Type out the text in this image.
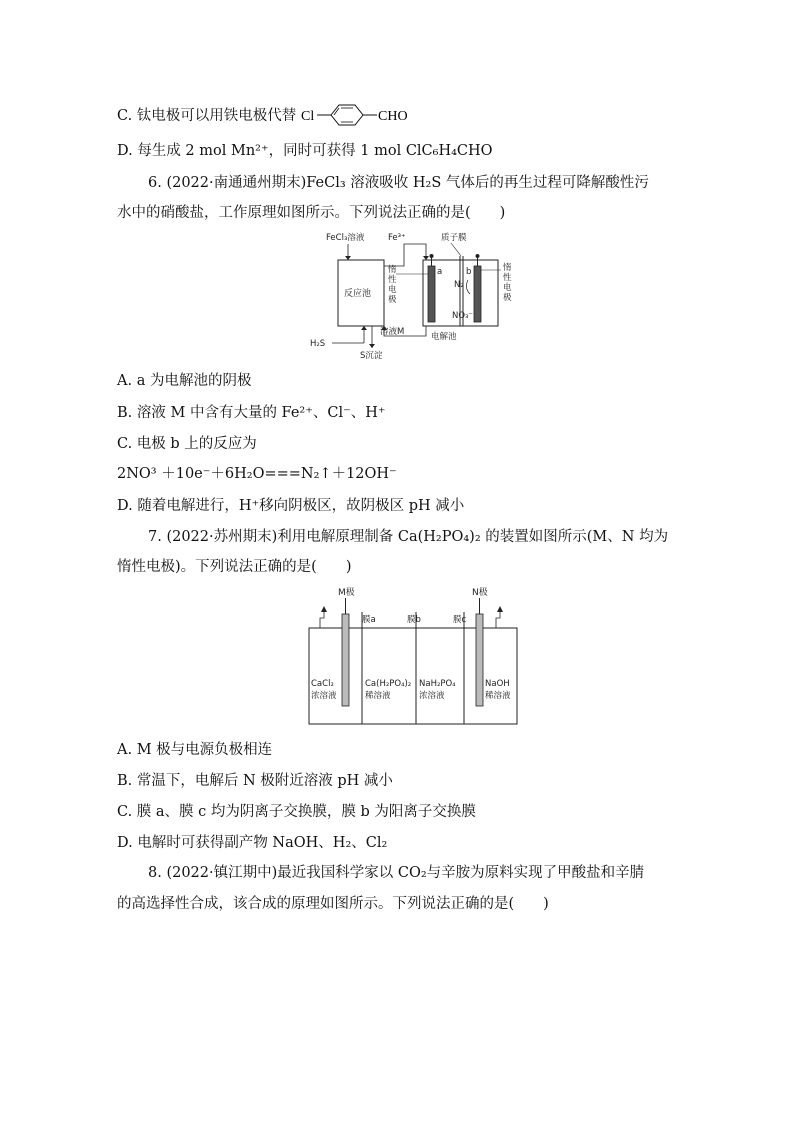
C. 钛电极可以用铁电极代替 Cl	CHO
D. 每生成 2 mol Mn²⁺，同时可获得 1 mol ClC₆H₄CHO
6. (2022·南通通州期末)FeCl₃ 溶液吸收 H₂S 气体后的再生过程可降解酸性污
水中的硝酸盐，工作原理如图所示。下列说法正确的是(　　)
反应池
a	b
N₂
NO₃⁻
惰
性
电
极
惰
性
电
极
FeCl₃溶液	Fe³⁺	质子膜
溶液M
H₂S
S沉淀
电解池
A. a 为电解池的阴极
B. 溶液 M 中含有大量的 Fe²⁺、Cl⁻、H⁺
C. 电极 b 上的反应为
2NO³ ＋10e⁻＋6H₂O===N₂↑＋12OH⁻
D. 随着电解进行，H⁺移向阴极区，故阴极区 pH 减小
7. (2022·苏州期末)利用电解原理制备 Ca(H₂PO₄)₂ 的装置如图所示(M、N 均为
惰性电极)。下列说法正确的是(　　)
膜a	膜b	膜c
M极	N极
CaCl₂
浓溶液
Ca(H₂PO₄)₂
稀溶液
NaH₂PO₄
浓溶液
NaOH
稀溶液
A. M 极与电源负极相连
B. 常温下，电解后 N 极附近溶液 pH 减小
C. 膜 a、膜 c 均为阴离子交换膜，膜 b 为阳离子交换膜
D. 电解时可获得副产物 NaOH、H₂、Cl₂
8. (2022·镇江期中)最近我国科学家以 CO₂与辛胺为原料实现了甲酸盐和辛腈
的高选择性合成，该合成的原理如图所示。下列说法正确的是(　　)
